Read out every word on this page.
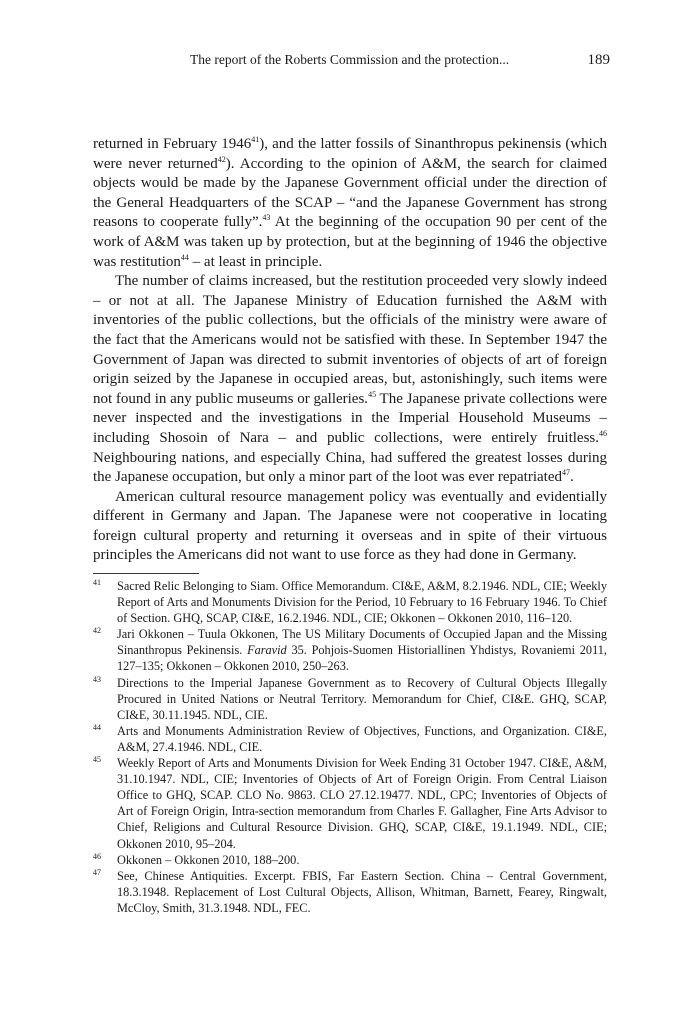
The report of the Roberts Commission and the protection...	189

returned in February 1946$^{41}$), and the latter fossils of Sinanthropus pekinensis (which were never returned$^{42}$). According to the opinion of A&M, the search for claimed objects would be made by the Japanese Government official under the direction of the General Headquarters of the SCAP – “and the Japanese Government has strong reasons to cooperate fully”.$^{43}$ At the beginning of the occupation 90 per cent of the work of A&M was taken up by protection, but at the beginning of 1946 the objective was restitution$^{44}$ – at least in principle.

The number of claims increased, but the restitution proceeded very slowly indeed – or not at all. The Japanese Ministry of Education furnished the A&M with inventories of the public collections, but the officials of the ministry were aware of the fact that the Americans would not be satisfied with these. In September 1947 the Government of Japan was directed to submit inventories of objects of art of foreign origin seized by the Japanese in occupied areas, but, astonishingly, such items were not found in any public museums or galleries.$^{45}$ The Japanese private collections were never inspected and the investigations in the Imperial Household Museums – including Shosoin of Nara – and public collections, were entirely fruitless.$^{46}$ Neighbouring nations, and especially China, had suffered the greatest losses during the Japanese occupation, but only a minor part of the loot was ever repatriated$^{47}$.

American cultural resource management policy was eventually and evidentially different in Germany and Japan. The Japanese were not cooperative in locating foreign cultural property and returning it overseas and in spite of their virtuous principles the Americans did not want to use force as they had done in Germany.

41 Sacred Relic Belonging to Siam. Office Memorandum. CI&E, A&M, 8.2.1946. NDL, CIE; Weekly Report of Arts and Monuments Division for the Period, 10 February to 16 February 1946. To Chief of Section. GHQ, SCAP, CI&E, 16.2.1946. NDL, CIE; Okkonen – Okkonen 2010, 116–120.

42 Jari Okkonen – Tuula Okkonen, The US Military Documents of Occupied Japan and the Missing Sinanthropus Pekinensis. Faravid 35. Pohjois-Suomen Historiallinen Yhdistys, Rovaniemi 2011, 127–135; Okkonen – Okkonen 2010, 250–263.

43 Directions to the Imperial Japanese Government as to Recovery of Cultural Objects Illegally Procured in United Nations or Neutral Territory. Memorandum for Chief, CI&E. GHQ, SCAP, CI&E, 30.11.1945. NDL, CIE.

44 Arts and Monuments Administration Review of Objectives, Functions, and Organization. CI&E, A&M, 27.4.1946. NDL, CIE.

45 Weekly Report of Arts and Monuments Division for Week Ending 31 October 1947. CI&E, A&M, 31.10.1947. NDL, CIE; Inventories of Objects of Art of Foreign Origin. From Central Liaison Office to GHQ, SCAP. CLO No. 9863. CLO 27.12.19477. NDL, CPC; Inventories of Objects of Art of Foreign Origin, Intra-section memorandum from Charles F. Gallagher, Fine Arts Advisor to Chief, Religions and Cultural Resource Division. GHQ, SCAP, CI&E, 19.1.1949. NDL, CIE; Okkonen 2010, 95–204.

46 Okkonen – Okkonen 2010, 188–200.

47 See, Chinese Antiquities. Excerpt. FBIS, Far Eastern Section. China – Central Government, 18.3.1948. Replacement of Lost Cultural Objects, Allison, Whitman, Barnett, Fearey, Ringwalt, McCloy, Smith, 31.3.1948. NDL, FEC.
